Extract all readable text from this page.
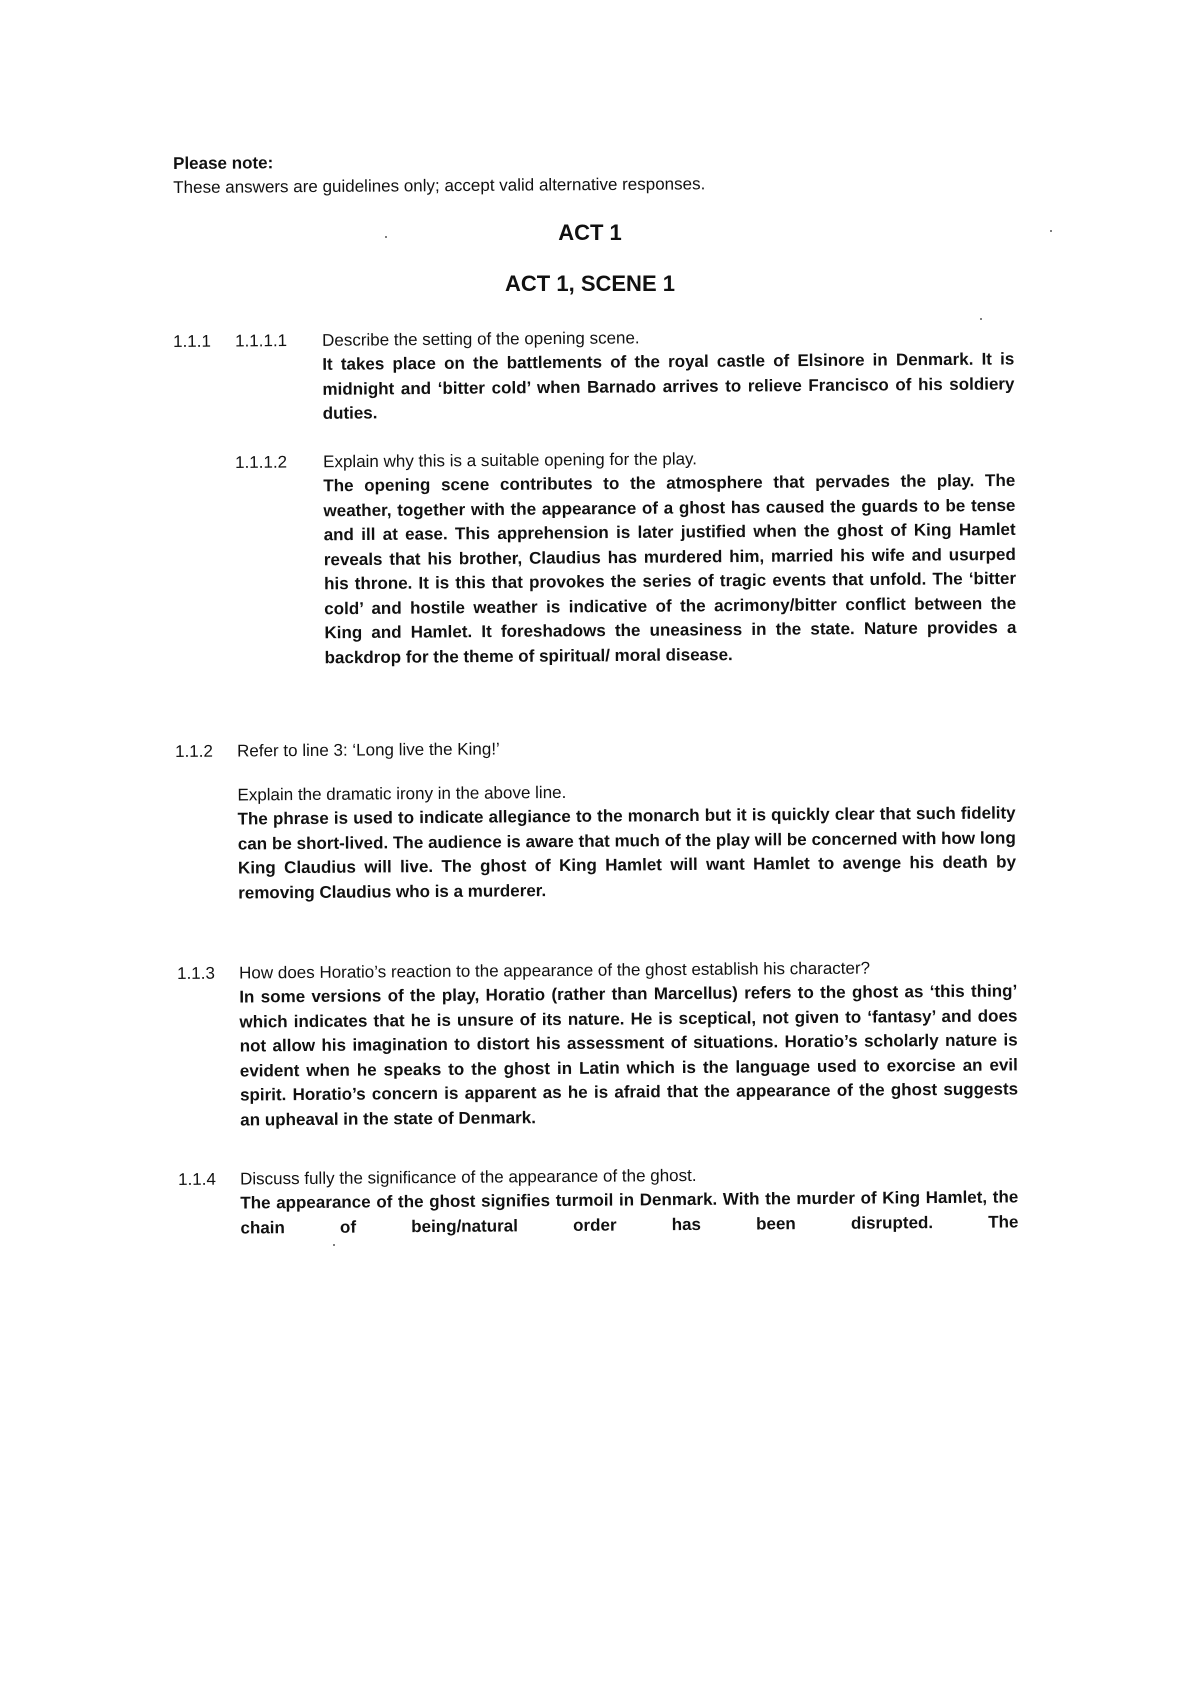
Please note:
These answers are guidelines only; accept valid alternative responses.
ACT 1
ACT 1, SCENE 1
1.1.1 1.1.1.1 Describe the setting of the opening scene.
It takes place on the battlements of the royal castle of Elsinore in Denmark. It is midnight and ‘bitter cold’ when Barnado arrives to relieve Francisco of his soldiery duties.
1.1.1.2 Explain why this is a suitable opening for the play.
The opening scene contributes to the atmosphere that pervades the play. The weather, together with the appearance of a ghost has caused the guards to be tense and ill at ease. This apprehension is later justified when the ghost of King Hamlet reveals that his brother, Claudius has murdered him, married his wife and usurped his throne. It is this that provokes the series of tragic events that unfold. The ‘bitter cold’ and hostile weather is indicative of the acrimony/bitter conflict between the King and Hamlet. It foreshadows the uneasiness in the state. Nature provides a backdrop for the theme of spiritual/ moral disease.
1.1.2 Refer to line 3: ‘Long live the King!’
Explain the dramatic irony in the above line.
The phrase is used to indicate allegiance to the monarch but it is quickly clear that such fidelity can be short-lived. The audience is aware that much of the play will be concerned with how long King Claudius will live. The ghost of King Hamlet will want Hamlet to avenge his death by removing Claudius who is a murderer.
1.1.3 How does Horatio’s reaction to the appearance of the ghost establish his character?
In some versions of the play, Horatio (rather than Marcellus) refers to the ghost as ‘this thing’ which indicates that he is unsure of its nature. He is sceptical, not given to ‘fantasy’ and does not allow his imagination to distort his assessment of situations. Horatio’s scholarly nature is evident when he speaks to the ghost in Latin which is the language used to exorcise an evil spirit. Horatio’s concern is apparent as he is afraid that the appearance of the ghost suggests an upheaval in the state of Denmark.
1.1.4 Discuss fully the significance of the appearance of the ghost.
The appearance of the ghost signifies turmoil in Denmark. With the murder of King Hamlet, the chain of being/natural order has been disrupted. The
